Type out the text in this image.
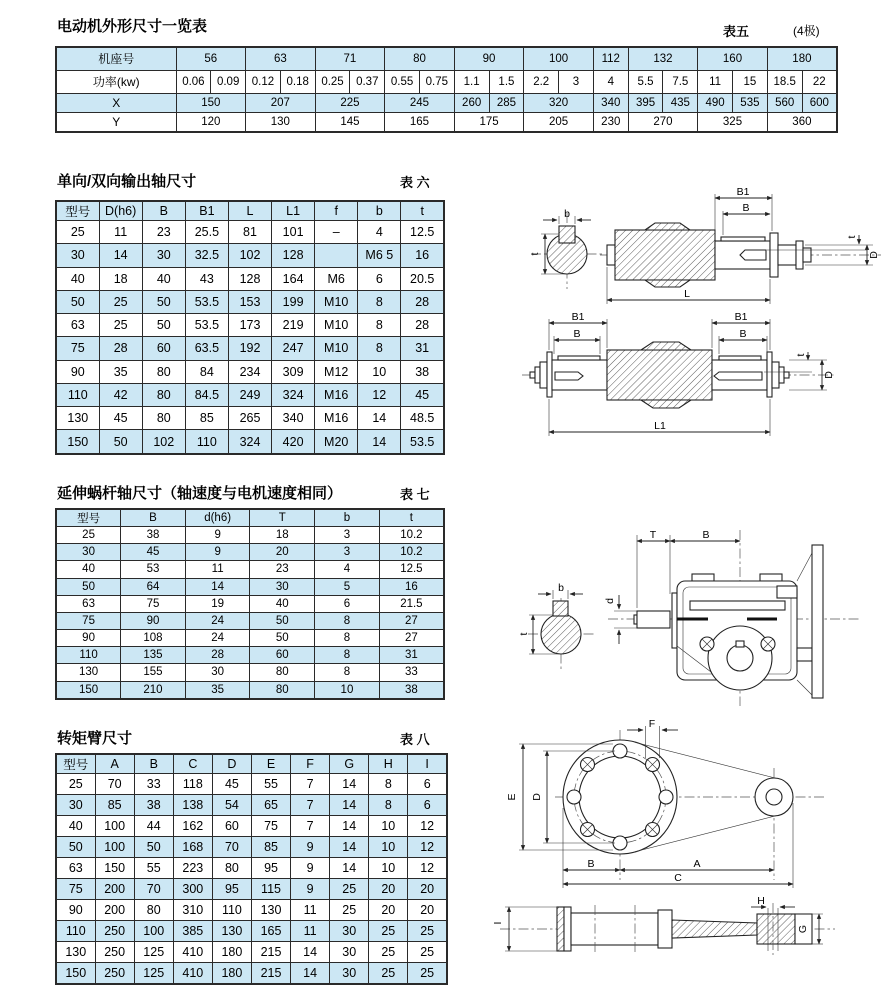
电动机外形尺寸一览表	表五	(4极)
单向/双向输出轴尺寸	表 六
延伸蜗杆轴尺寸（轴速度与电机速度相同）	表 七
转矩臂尺寸	表 八
机座号	56		63		71		80		90		100		112	132		160		180	
功率(kw)	0.06	0.09	0.12	0.18	0.25	0.37	0.55	0.75	1.1	1.5	2.2	3	4	5.5	7.5	11	15	18.5	22
X	150		207		225		245		260	285	320		340	395	435	490	535	560	600
Y	120		130		145		165		175		205		230	270		325		360	
型号	D(h6)	B	B1	L	L1	f	b	t
25	11	23	25.5	81	101	–	4	12.5
30	14	30	32.5	102	128		M6 5	16
40	18	40	43	128	164	M6	6	20.5
50	25	50	53.5	153	199	M10	8	28
63	25	50	53.5	173	219	M10	8	28
75	28	60	63.5	192	247	M10	8	31
90	35	80	84	234	309	M12	10	38
110	42	80	84.5	249	324	M16	12	45
130	45	80	85	265	340	M16	14	48.5
150	50	102	110	324	420	M20	14	53.5
型号	B	d(h6)	T	b	t
25	38	9	18	3	10.2
30	45	9	20	3	10.2
40	53	11	23	4	12.5
50	64	14	30	5	16
63	75	19	40	6	21.5
75	90	24	50	8	27
90	108	24	50	8	27
110	135	28	60	8	31
130	155	30	80	8	33
150	210	35	80	10	38
型号	A	B	C	D	E	F	G	H	I
25	70	33	118	45	55	7	14	8	6
30	85	38	138	54	65	7	14	8	6
40	100	44	162	60	75	7	14	10	12
50	100	50	168	70	85	9	14	10	12
63	150	55	223	80	95	9	14	10	12
75	200	70	300	95	115	9	25	20	20
90	200	80	310	110	130	11	25	20	20
110	250	100	385	130	165	11	30	25	25
130	250	125	410	180	215	14	30	25	25
150	250	125	410	180	215	14	30	25	25
b
t
B1
B
L
D
t
B1
B
B1
B
L1
D
t
b
t
T	B
d
F
E D
B	A
C
I
H
G
